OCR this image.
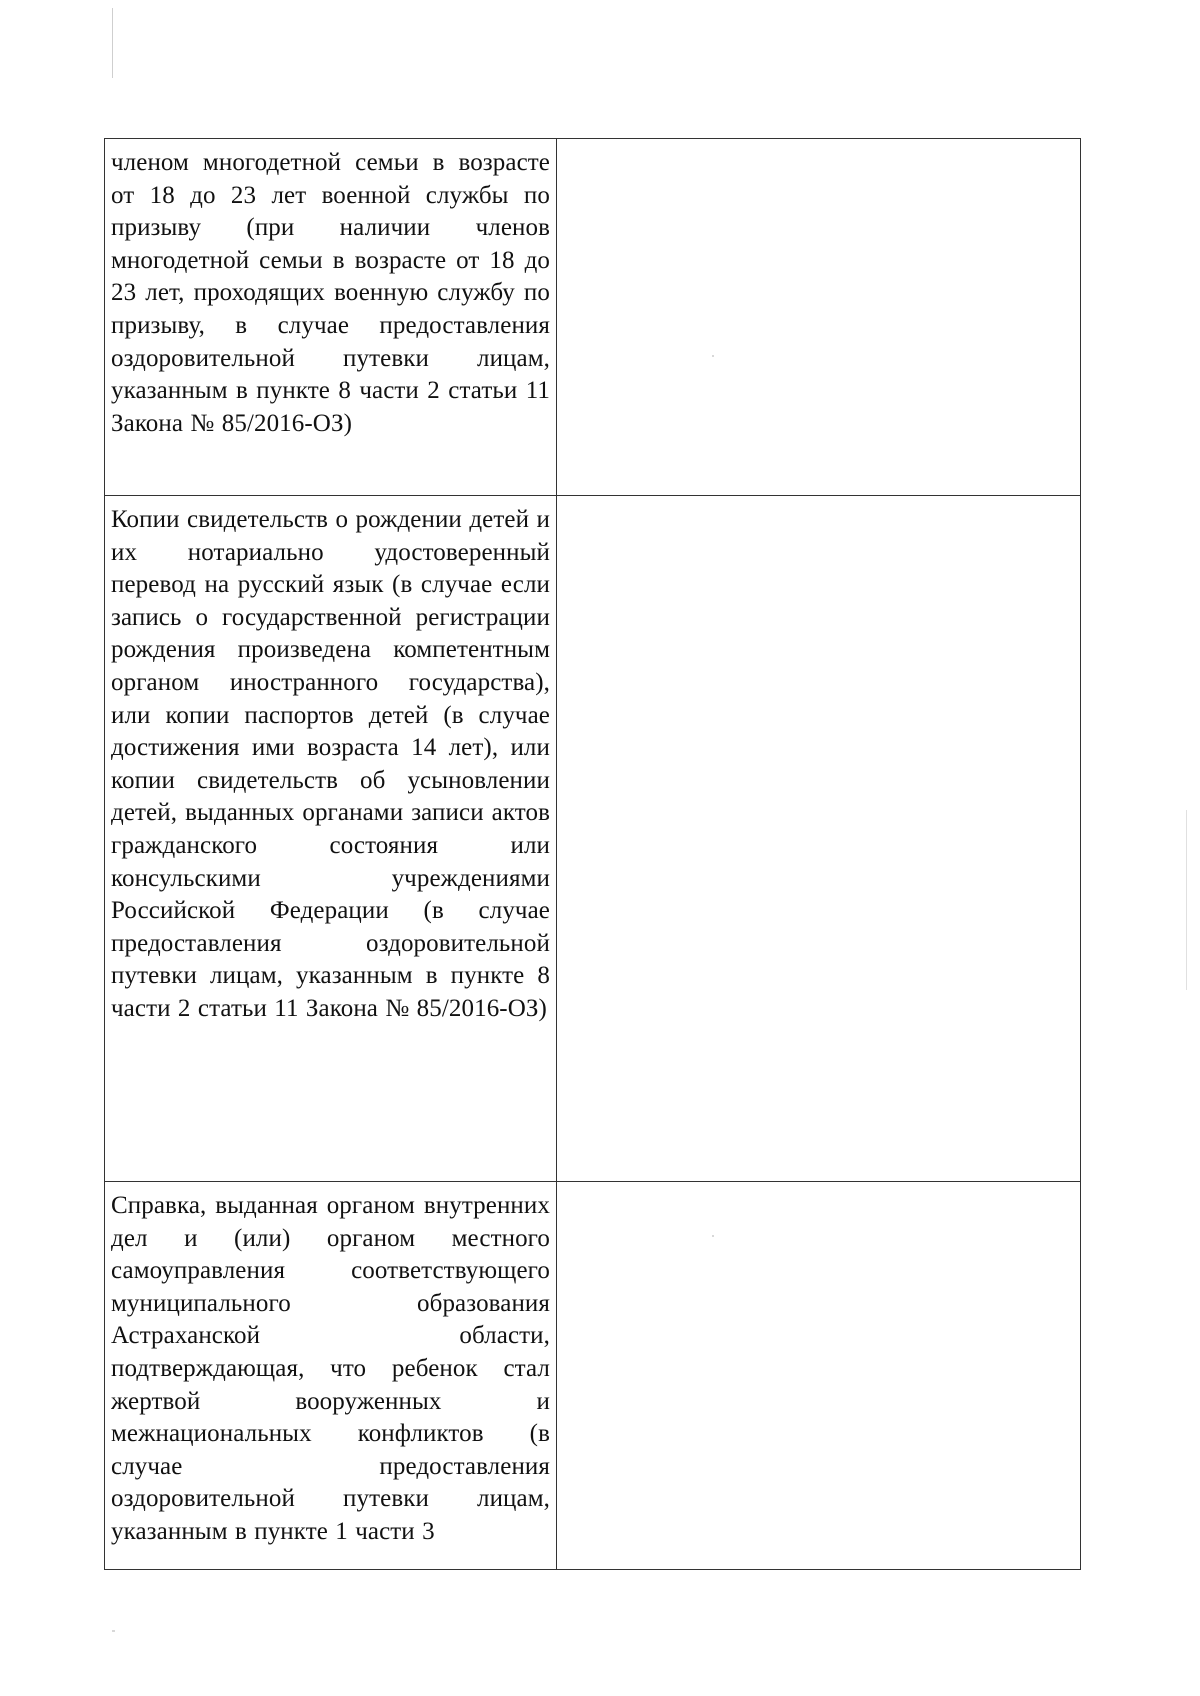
членом многодетной семьи в возрасте от 18 до 23 лет военной службы по призыву (при наличии членов многодетной семьи в возрасте от 18 до 23 лет, проходящих военную службу по призыву, в случае предоставления оздоровительной путевки лицам, указанным в пункте 8 части 2 статьи 11 Закона № 85/2016-ОЗ)	

Копии свидетельств о рождении детей и их нотариально удостоверенный перевод на русский язык (в случае если запись о государственной регистрации рождения произведена компетентным органом иностранного государства), или копии паспортов детей (в случае достижения ими возраста 14 лет), или копии свидетельств об усыновлении детей, выданных органами записи актов гражданского состояния или консульскими учреждениями Российской Федерации (в случае предоставления оздоровительной путевки лицам, указанным в пункте 8 части 2 статьи 11 Закона № 85/2016-ОЗ)	

Справка, выданная органом внутренних дел и (или) органом местного самоуправления соответствующего муниципального образования Астраханской области, подтверждающая, что ребенок стал жертвой вооруженных и межнациональных конфликтов (в случае предоставления оздоровительной путевки лицам, указанным в пункте 1 части 3	
